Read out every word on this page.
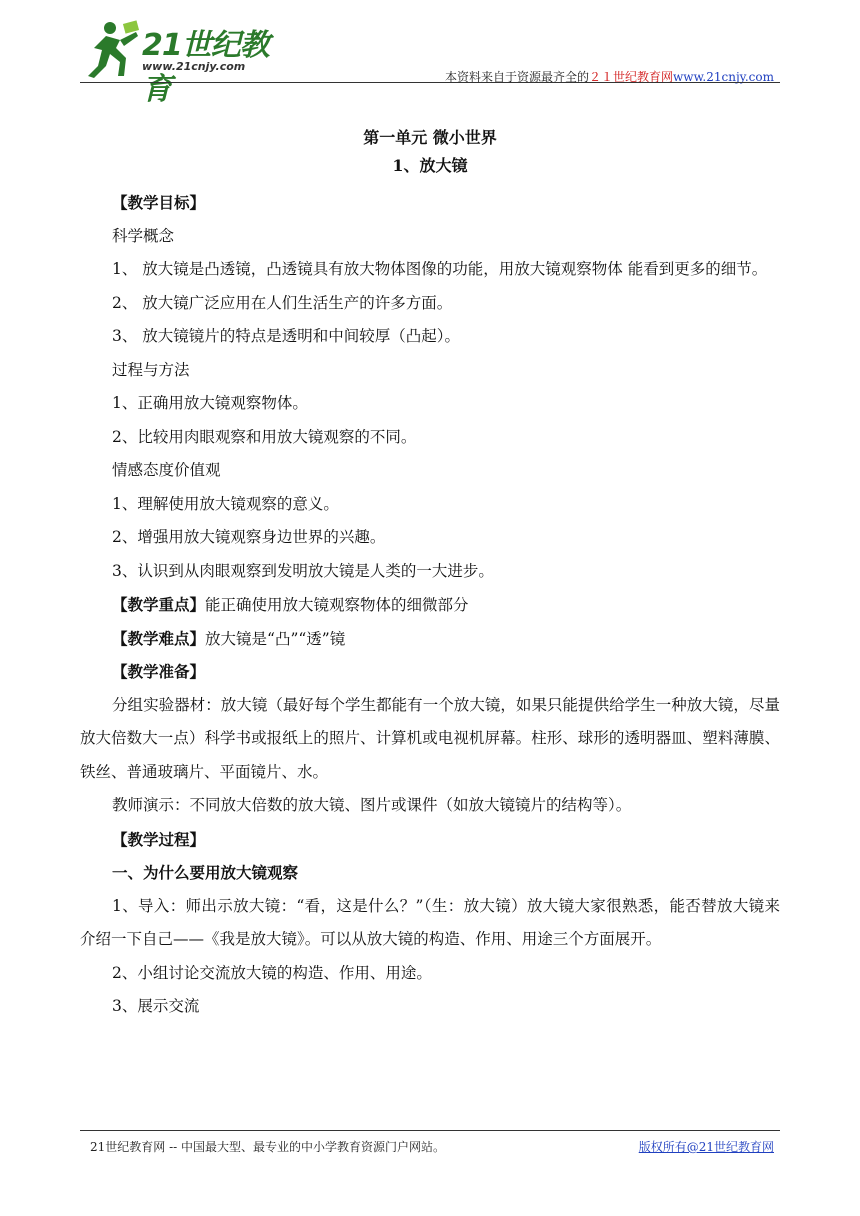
21世纪教育
www.21cnjy.com
本资料来自于资源最齐全的２１世纪教育网www.21cnjy.com
第一单元 微小世界
1、放大镜
【教学目标】
科学概念
1、 放大镜是凸透镜，凸透镜具有放大物体图像的功能，用放大镜观察物体 能看到更多的细节。
2、 放大镜广泛应用在人们生活生产的许多方面。
3、 放大镜镜片的特点是透明和中间较厚（凸起）。
过程与方法
1、正确用放大镜观察物体。
2、比较用肉眼观察和用放大镜观察的不同。
情感态度价值观
1、理解使用放大镜观察的意义。
2、增强用放大镜观察身边世界的兴趣。
3、认识到从肉眼观察到发明放大镜是人类的一大进步。
【教学重点】能正确使用放大镜观察物体的细微部分
【教学难点】放大镜是“凸”“透”镜
【教学准备】
分组实验器材：放大镜（最好每个学生都能有一个放大镜，如果只能提供给学生一种放大镜，尽量放大倍数大一点）科学书或报纸上的照片、计算机或电视机屏幕。柱形、球形的透明器皿、塑料薄膜、铁丝、普通玻璃片、平面镜片、水。
教师演示：不同放大倍数的放大镜、图片或课件（如放大镜镜片的结构等）。
【教学过程】
一、为什么要用放大镜观察
1、导入：师出示放大镜：“看，这是什么？”（生：放大镜）放大镜大家很熟悉，能否替放大镜来介绍一下自己——《我是放大镜》。可以从放大镜的构造、作用、用途三个方面展开。
2、小组讨论交流放大镜的构造、作用、用途。
3、展示交流
21世纪教育网 -- 中国最大型、最专业的中小学教育资源门户网站。	版权所有@21世纪教育网
